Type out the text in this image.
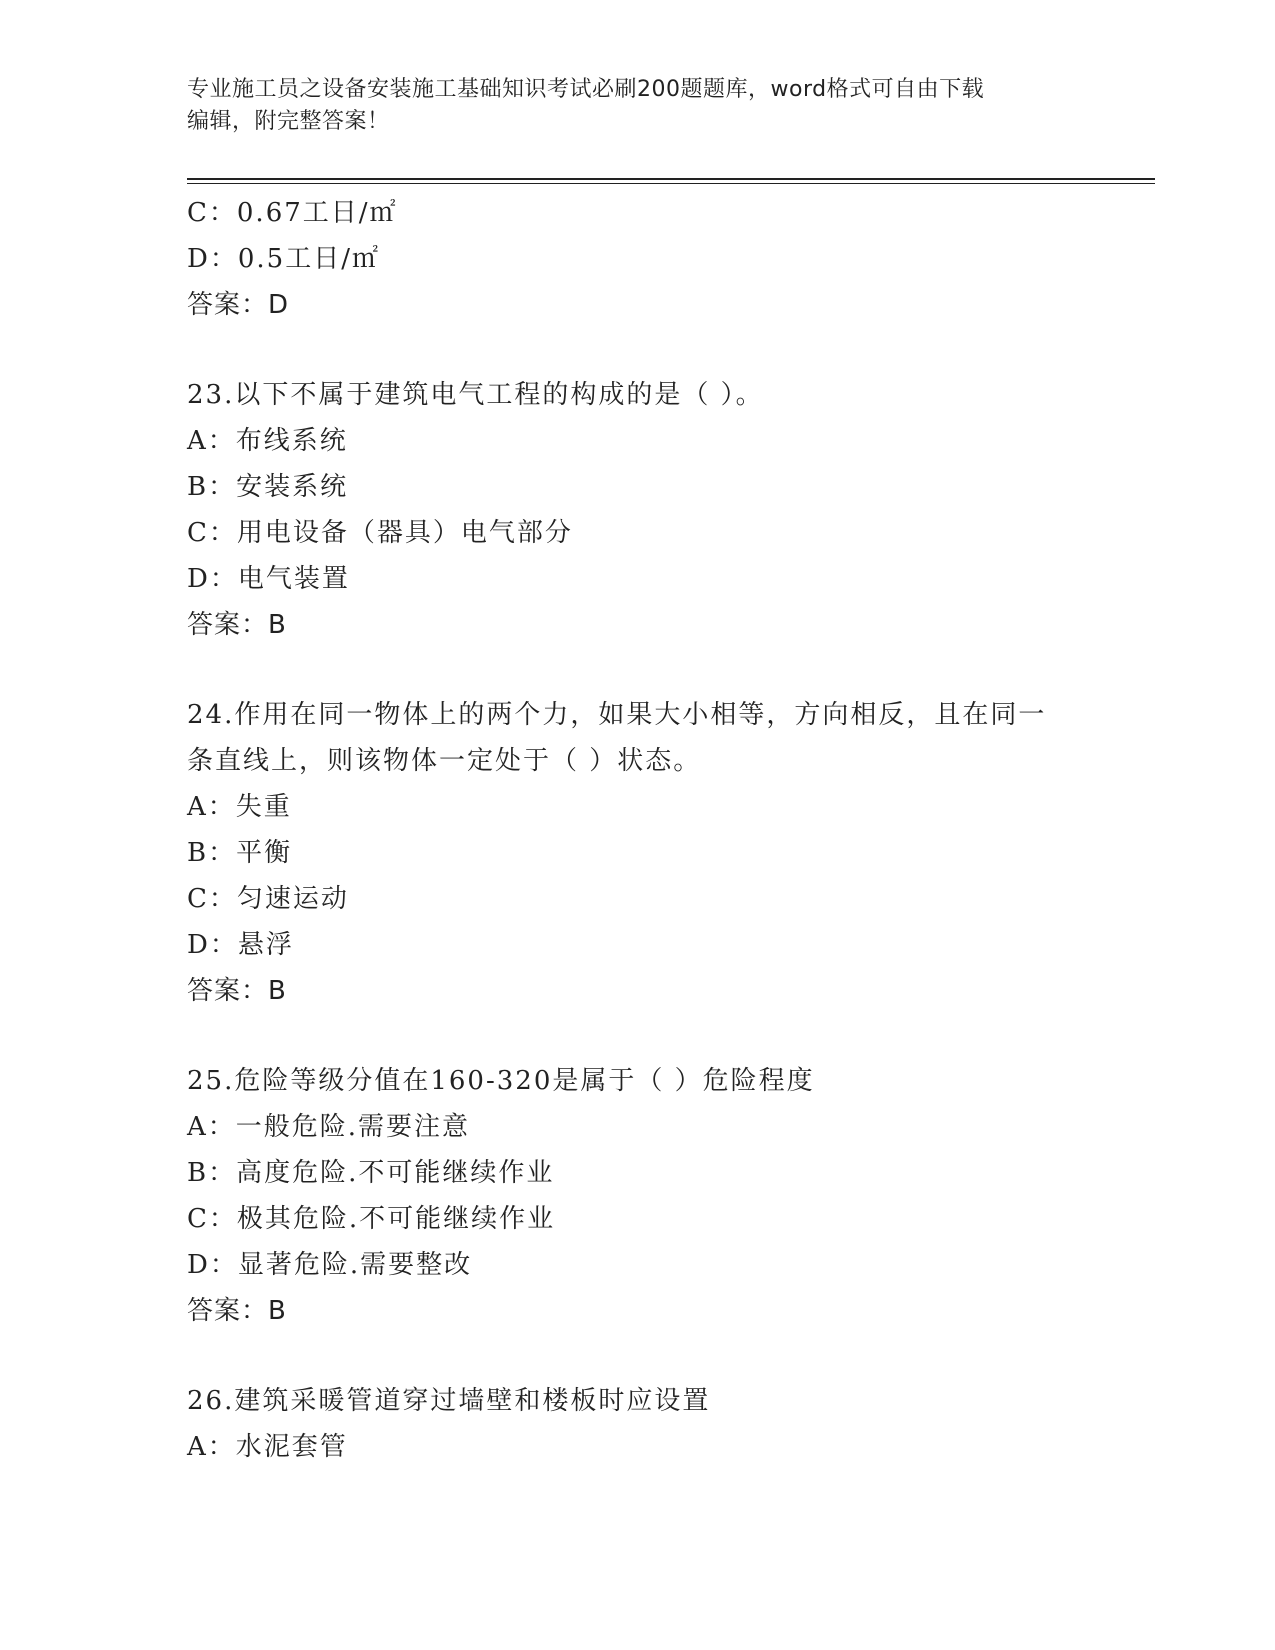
专业施工员之设备安装施工基础知识考试必刷200题题库，word格式可自由下载
编辑，附完整答案！
C：0.67工日/㎡
D：0.5工日/㎡
答案：D
23.以下不属于建筑电气工程的构成的是（ ）。
A：布线系统
B：安装系统
C：用电设备（器具）电气部分
D：电气装置
答案：B
24.作用在同一物体上的两个力，如果大小相等，方向相反，且在同一
条直线上，则该物体一定处于（ ）状态。
A：失重
B：平衡
C：匀速运动
D：悬浮
答案：B
25.危险等级分值在160-320是属于（ ）危险程度
A：一般危险.需要注意
B：高度危险.不可能继续作业
C：极其危险.不可能继续作业
D：显著危险.需要整改
答案：B
26.建筑采暖管道穿过墙壁和楼板时应设置
A：水泥套管
